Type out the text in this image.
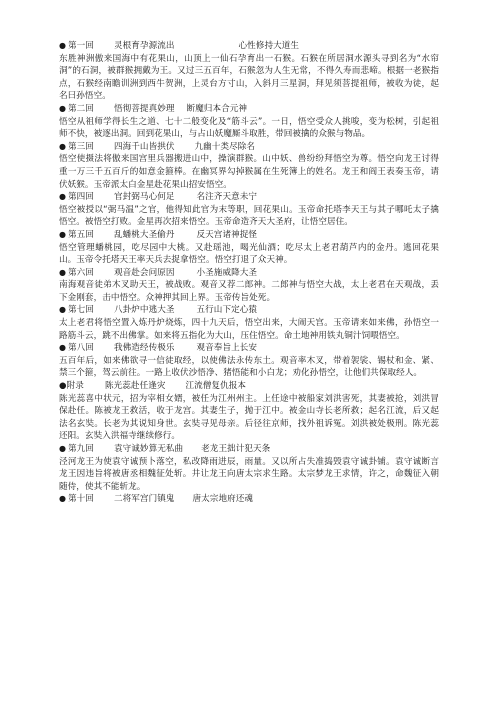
● 第一回	灵根育孕源流出	心性修持大道生
东胜神洲傲来国海中有花果山，山顶上一仙石孕育出一石猴。石猴在所居洞水源头寻到名为“水帘洞”的石洞，被群猴拥戴为王。又过三五百年，石猴忽为人生无常，不得久寿而悲啼。根据一老猴指点，石猴经南瞻训洲到西牛贺洲，上灵台方寸山，入斜月三星洞，拜见须菩提祖师，被收为徒，起名曰孙悟空。
● 第二回	悟彻菩提真妙理 断魔归本合元神
悟空从祖师学得长生之道、七十二般变化及“筋斗云”。一日，悟空受众人挑唆，变为松树，引起祖师不快，被逐出洞。回到花果山，与占山妖魔厮斗取胜，带回被擒的众猴与物品。
● 第三回	四海千山皆拱伏 九幽十类尽除名
悟空使摄法将傲来国宫里兵器搬进山中，操演群猴。山中妖、兽纷纷拜悟空为尊。悟空向龙王讨得重一万三千五百斤的如意金箍棒。在幽冥界勾掉猴属在生死簿上的姓名。龙王和阎王表奏玉帝，请伏妖猴。玉帝派太白金星赴花果山招安悟空。
● 第四回	官封弼马心何足	名注齐天意未宁
悟空被授以“弼马温”之官，他得知此官为末等职，回花果山。玉帝命托塔李天王与其子哪吒太子擒悟空。被悟空打败。金星再次招来悟空。玉帝命造齐天大圣府，让悟空居住。
● 第五回	乱蟠桃大圣偷丹	反天宫诸神捉怪
悟空管理蟠桃园，吃尽园中大桃。又赴瑶池，喝光仙酒；吃尽太上老君葫芦内的金丹。逃回花果山。玉帝令托塔天王率天兵去捉拿悟空。悟空打退了众天神。
● 第六回	观音赴会问原因	小圣施威降大圣
南海观音徒弟木叉助天王，被战败。观音又荐二郎神。二郎神与悟空大战，太上老君在天观战，丢下金刚套，击中悟空。众神押其回上界。玉帝传旨处死。
● 第七回	八卦炉中逃大圣	五行山下定心猿
太上老君将悟空置入炼丹炉烧炼，四十九天后，悟空出来，大闹天宫。玉帝请来如来佛，孙悟空一路筋斗云，跳不出佛掌。如来将五指化为大山，压住悟空。命土地神用铁丸铜汁饲喂悟空。
● 第八回	我佛造经传极乐	观音奉旨上长安
五百年后，如来佛欲寻一信徒取经，以使佛法永传东土。观音率木叉，带着袈裟、锡杖和金、紧、禁三个箍，驾云前往。一路上收伏沙悟净、猪悟能和小白龙；劝化孙悟空，让他们共保取经人。
●附录	陈光蕊赴任逢灾 江流僧复仇报本
陈光蕊喜中状元，招为宰相女婿，被任为江州州主。上任途中被船家刘洪害死，其妻被抢，刘洪冒保赴任。陈被龙王救活，收于龙宫。其妻生子，抛于江中。被金山寺长老所救；起名江流，后又起法名玄奘。长老为其说知身世。玄奘寻见母亲。后径往京师，找外祖诉冤。刘洪被处极刑。陈光蕊还阳。玄奘入洪福寺继续修行。
● 第九回	袁守诚妙算无私曲 老龙王拙计犯天条
泾河龙王为使袁守诚预卜落空，私改降雨进辰，雨量。又以所占失准捣毁袁守诚卦铺。袁守诚断言龙王因违旨将被唐丞相魏征处斩。井让龙王向唐太宗求生路。太宗梦龙王求情，许之，命魏征入朝随侍，使其不能斩龙。
● 第十回	二将军宫门镇鬼 唐太宗地府还魂
